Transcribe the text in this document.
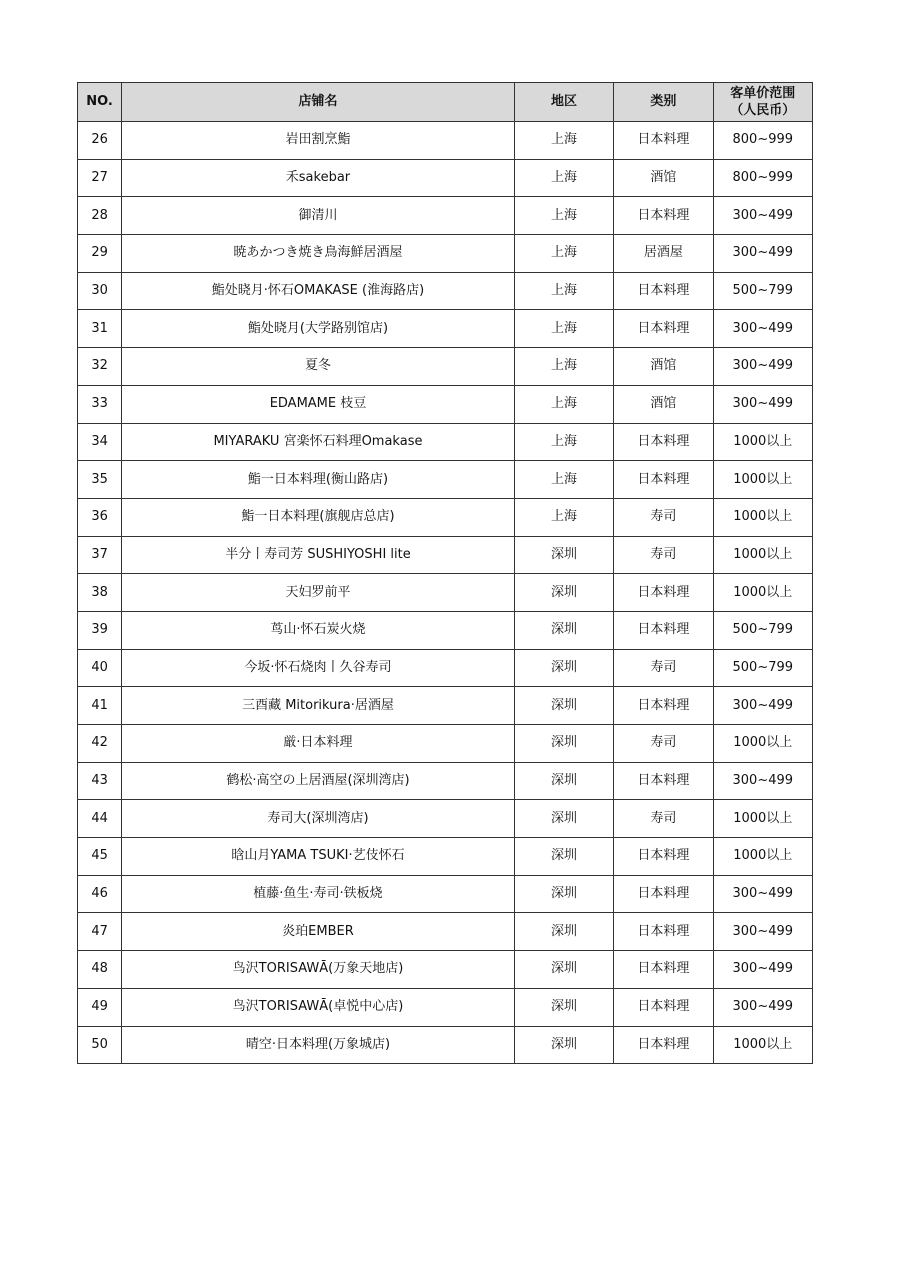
NO.	店铺名	地区	类别	客单价范围
（人民币）

26	岩田割烹鮨	上海	日本料理	800~999
27	禾sakebar	上海	酒馆	800~999
28	御清川	上海	日本料理	300~499
29	暁あかつき焼き鳥海鮮居酒屋	上海	居酒屋	300~499
30	鮨处晓月·怀石OMAKASE (淮海路店)	上海	日本料理	500~799
31	鮨处晓月(大学路别馆店)	上海	日本料理	300~499
32	夏冬	上海	酒馆	300~499
33	EDAMAME 枝豆	上海	酒馆	300~499
34	MIYARAKU 宮楽怀石料理Omakase	上海	日本料理	1000以上
35	鮨一日本料理(衡山路店)	上海	日本料理	1000以上
36	鮨一日本料理(旗舰店总店)	上海	寿司	1000以上
37	半分丨寿司芳 SUSHIYOSHI lite	深圳	寿司	1000以上
38	天妇罗前平	深圳	日本料理	1000以上
39	茑山·怀石炭火烧	深圳	日本料理	500~799
40	今坂·怀石烧肉丨久谷寿司	深圳	寿司	500~799
41	三酉藏 Mitorikura·居酒屋	深圳	日本料理	300~499
42	厳·日本料理	深圳	寿司	1000以上
43	鹤松·高空の上居酒屋(深圳湾店)	深圳	日本料理	300~499
44	寿司大(深圳湾店)	深圳	寿司	1000以上
45	晗山月YAMA TSUKI·艺伎怀石	深圳	日本料理	1000以上
46	植藤·鱼生·寿司·铁板烧	深圳	日本料理	300~499
47	炎珀EMBER	深圳	日本料理	300~499
48	鸟沢TORISAWĀ(万象天地店)	深圳	日本料理	300~499
49	鸟沢TORISAWĀ(卓悦中心店)	深圳	日本料理	300~499
50	晴空·日本料理(万象城店)	深圳	日本料理	1000以上
